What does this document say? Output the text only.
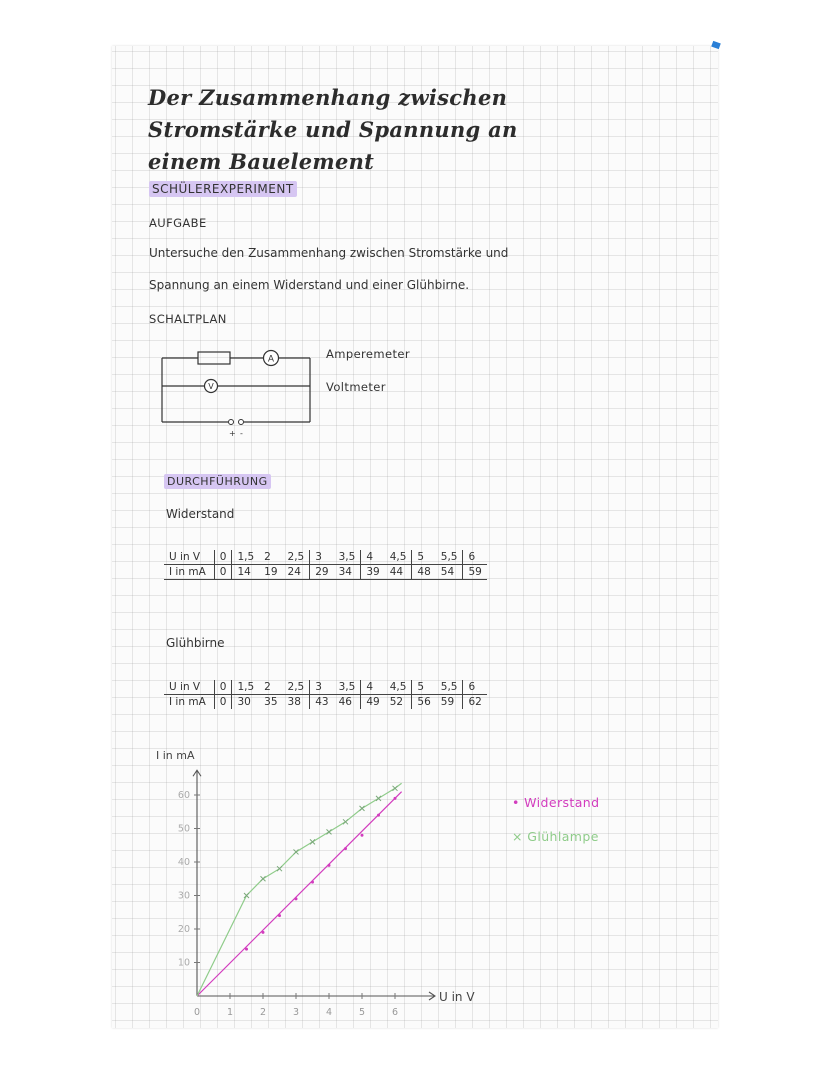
Der Zusammenhang zwischen
Stromstärke und Spannung an
einem Bauelement
SCHÜLEREXPERIMENT
AUFGABE
Untersuche den Zusammenhang zwischen Stromstärke und
Spannung an einem Widerstand und einer Glühbirne.
SCHALTPLAN
A
V
+ -
Amperemeter
Voltmeter
DURCHFÜHRUNG
Widerstand
U in V	0	1,5	2	2,5	3	3,5	4	4,5	5	5,5	6
I in mA	0	14	19	24	29	34	39	44	48	54	59
Glühbirne
U in V	0	1,5	2	2,5	3	3,5	4	4,5	5	5,5	6
I in mA	0	30	35	38	43	46	49	52	56	59	62
U in V
I in mA
0	1	2	3	4	5	6
10
20
30
40
50
60	• Widerstand
× Glühlampe
